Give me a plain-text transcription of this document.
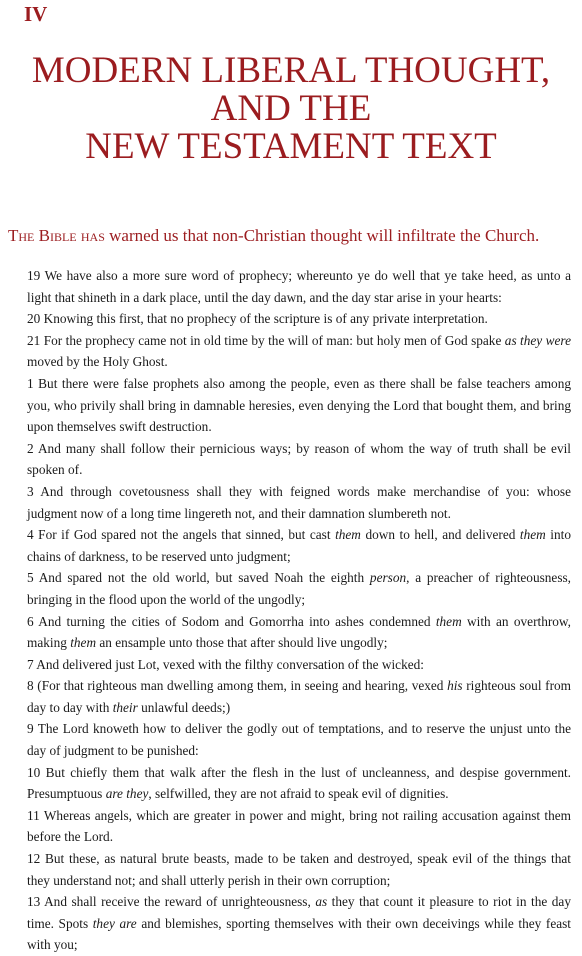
IV
MODERN LIBERAL THOUGHT,
AND THE
NEW TESTAMENT TEXT

The Bible has warned us that non-Christian thought will infiltrate the Church.

19 We have also a more sure word of prophecy; whereunto ye do well that ye take heed, as unto a light that shineth in a dark place, until the day dawn, and the day star arise in your hearts:

20 Knowing this first, that no prophecy of the scripture is of any private interpretation.

21 For the prophecy came not in old time by the will of man: but holy men of God spake as they were moved by the Holy Ghost.

1 But there were false prophets also among the people, even as there shall be false teachers among you, who privily shall bring in damnable heresies, even denying the Lord that bought them, and bring upon themselves swift destruction.

2 And many shall follow their pernicious ways; by reason of whom the way of truth shall be evil spoken of.

3 And through covetousness shall they with feigned words make merchandise of you: whose judgment now of a long time lingereth not, and their damnation slumbereth not.

4 For if God spared not the angels that sinned, but cast them down to hell, and delivered them into chains of darkness, to be reserved unto judgment;

5 And spared not the old world, but saved Noah the eighth person, a preacher of righteousness, bringing in the flood upon the world of the ungodly;

6 And turning the cities of Sodom and Gomorrha into ashes condemned them with an overthrow, making them an ensample unto those that after should live ungodly;

7 And delivered just Lot, vexed with the filthy conversation of the wicked:

8 (For that righteous man dwelling among them, in seeing and hearing, vexed his righteous soul from day to day with their unlawful deeds;)

9 The Lord knoweth how to deliver the godly out of temptations, and to reserve the unjust unto the day of judgment to be punished:

10 But chiefly them that walk after the flesh in the lust of uncleanness, and despise government. Presumptuous are they, selfwilled, they are not afraid to speak evil of dignities.

11 Whereas angels, which are greater in power and might, bring not railing accusation against them before the Lord.

12 But these, as natural brute beasts, made to be taken and destroyed, speak evil of the things that they understand not; and shall utterly perish in their own corruption;

13 And shall receive the reward of unrighteousness, as they that count it pleasure to riot in the day time. Spots they are and blemishes, sporting themselves with their own deceivings while they feast with you;
